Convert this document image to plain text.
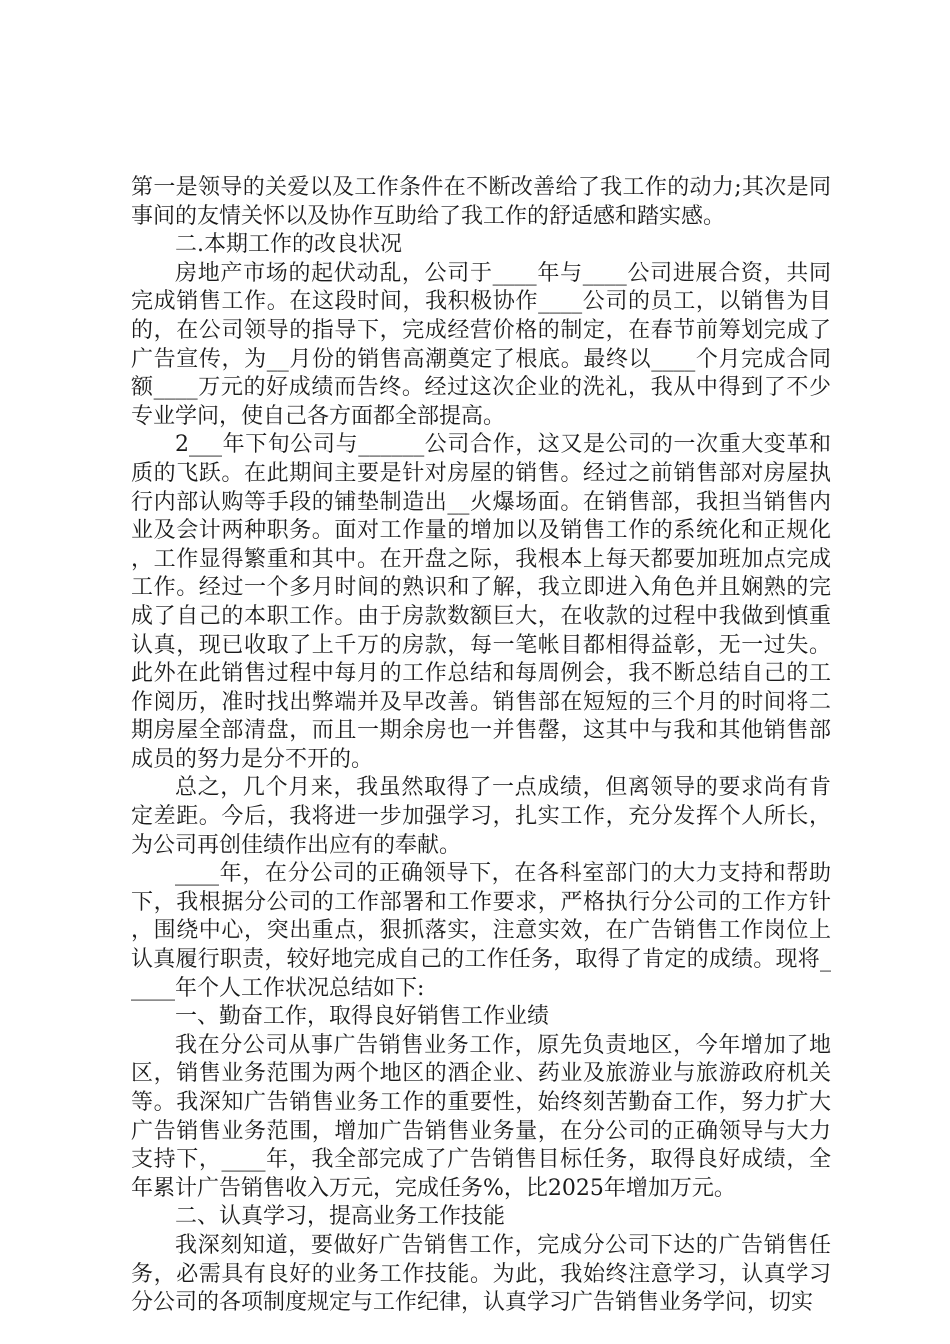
第一是领导的关爱以及工作条件在不断改善给了我工作的动力;其次是同事间的友情关怀以及协作互助给了我工作的舒适感和踏实感。

二.本期工作的改良状况

房地产市场的起伏动乱，公司于____年与____公司进展合资，共同完成销售工作。在这段时间，我积极协作____公司的员工，以销售为目的，在公司领导的指导下，完成经营价格的制定，在春节前筹划完成了广告宣传，为__月份的销售高潮奠定了根底。最终以____个月完成合同额____万元的好成绩而告终。经过这次企业的洗礼，我从中得到了不少专业学问，使自己各方面都全部提高。

2___年下旬公司与______公司合作，这又是公司的一次重大变革和质的飞跃。在此期间主要是针对房屋的销售。经过之前销售部对房屋执行内部认购等手段的铺垫制造出__火爆场面。在销售部，我担当销售内业及会计两种职务。面对工作量的增加以及销售工作的系统化和正规化，工作显得繁重和其中。在开盘之际，我根本上每天都要加班加点完成工作。经过一个多月时间的熟识和了解，我立即进入角色并且娴熟的完成了自己的本职工作。由于房款数额巨大，在收款的过程中我做到慎重认真，现已收取了上千万的房款，每一笔帐目都相得益彰，无一过失。此外在此销售过程中每月的工作总结和每周例会，我不断总结自己的工作阅历，准时找出弊端并及早改善。销售部在短短的三个月的时间将二期房屋全部清盘，而且一期余房也一并售罄，这其中与我和其他销售部成员的努力是分不开的。

总之，几个月来，我虽然取得了一点成绩，但离领导的要求尚有肯定差距。今后，我将进一步加强学习，扎实工作，充分发挥个人所长，为公司再创佳绩作出应有的奉献。

____年，在分公司的正确领导下，在各科室部门的大力支持和帮助下，我根据分公司的工作部署和工作要求，严格执行分公司的工作方针，围绕中心，突出重点，狠抓落实，注意实效，在广告销售工作岗位上认真履行职责，较好地完成自己的工作任务，取得了肯定的成绩。现将_____年个人工作状况总结如下:

一、勤奋工作，取得良好销售工作业绩

我在分公司从事广告销售业务工作，原先负责地区，今年增加了地区，销售业务范围为两个地区的酒企业、药业及旅游业与旅游政府机关等。我深知广告销售业务工作的重要性，始终刻苦勤奋工作，努力扩大广告销售业务范围，增加广告销售业务量，在分公司的正确领导与大力支持下，____年，我全部完成了广告销售目标任务，取得良好成绩，全年累计广告销售收入万元，完成任务%，比2025年增加万元。

二、认真学习，提高业务工作技能

我深刻知道，要做好广告销售工作，完成分公司下达的广告销售任务，必需具有良好的业务工作技能。为此，我始终注意学习，认真学习分公司的各项制度规定与工作纪律，认真学习广告销售业务学问，切实
